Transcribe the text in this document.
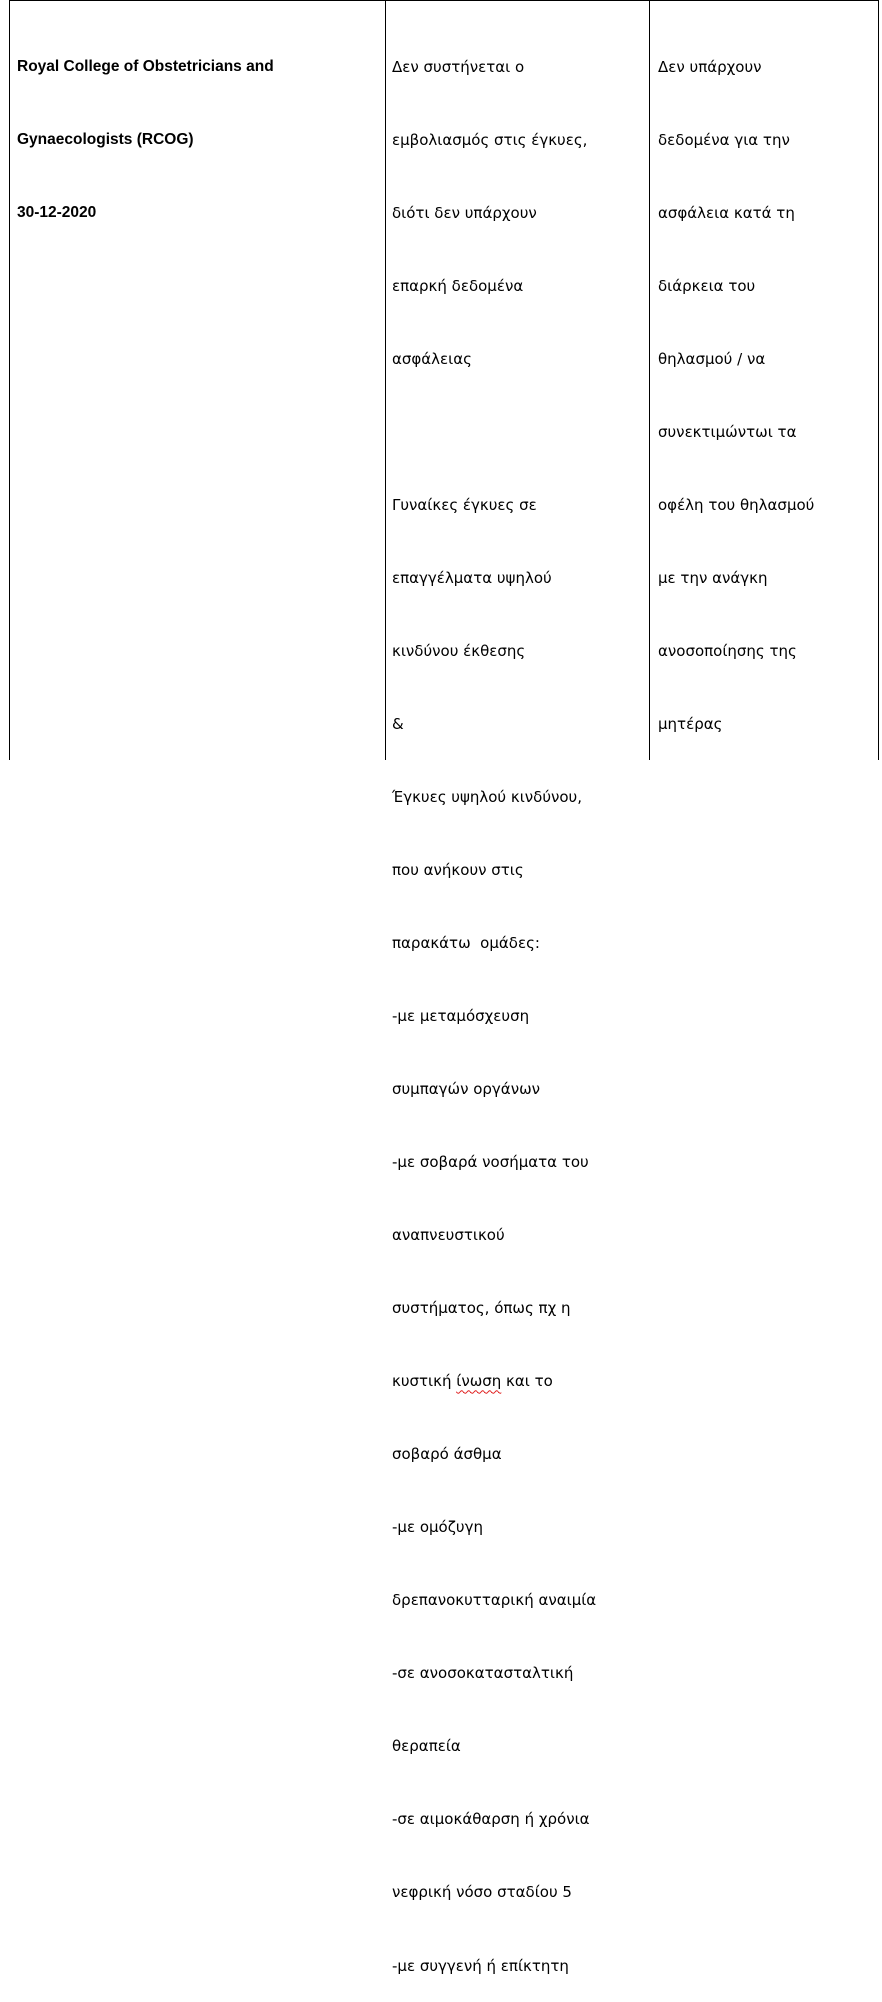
Royal College of Obstetricians and

Gynaecologists (RCOG)

30-12-2020

Δεν συστήνεται ο

εμβολιασμός στις έγκυες,

διότι δεν υπάρχουν

επαρκή δεδομένα

ασφάλειας

Γυναίκες έγκυες σε

επαγγέλματα υψηλού

κινδύνου έκθεσης

&

Έγκυες υψηλού κινδύνου,

που ανήκουν στις

παρακάτω  ομάδες:

-με μεταμόσχευση

συμπαγών οργάνων

-με σοβαρά νοσήματα του

αναπνευστικού

συστήματος, όπως πχ η

κυστική ίνωση και το

σοβαρό άσθμα

-με ομόζυγη

δρεπανοκυτταρική αναιμία

-σε ανοσοκατασταλτική

θεραπεία

-σε αιμοκάθαρση ή χρόνια

νεφρική νόσο σταδίου 5

-με συγγενή ή επίκτητη

Δεν υπάρχουν

δεδομένα για την

ασφάλεια κατά τη

διάρκεια του

θηλασμού / να

συνεκτιμώντωι τα

οφέλη του θηλασμού

με την ανάγκη

ανοσοποίησης της

μητέρας
